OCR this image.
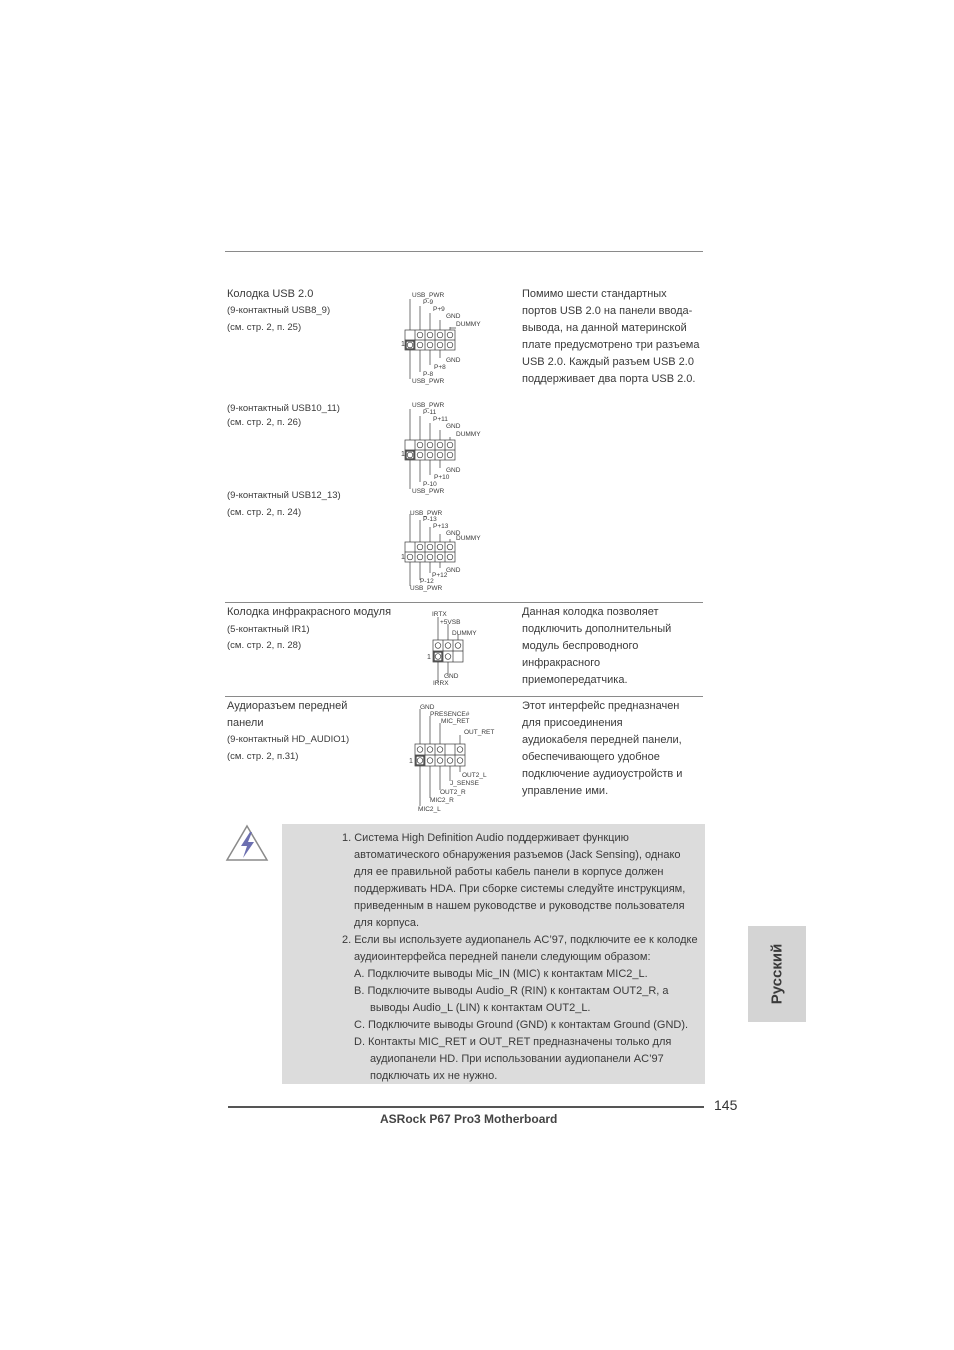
Колодка USB 2.0
(9-контактный USB8_9)
(см. стр. 2, п. 25)
(9-контактный USB10_11)
(см. стр. 2, п. 26)
(9-контактный USB12_13)
(см. стр. 2, п. 24)
Помимо шести стандартных
портов USB 2.0 на панели ввода-
вывода, на данной материнской
плате предусмотрено три разъема
USB 2.0. Каждый разъем USB 2.0
поддерживает два порта USB 2.0.
1
USB_PWR
P-9
P+9
GND
DUMMY
GND
P+8
P-8
USB_PWR
1
USB_PWR
P-11
P+11
GND
DUMMY
GND
P+10
P-10
USB_PWR
1
USB_PWR
P-13
P+13
GND
DUMMY
GND
P+12
P-12
USB_PWR
Колодка инфракрасного модуля
(5-контактный IR1)
(см. стр. 2, п. 28)
Данная колодка позволяет
подключить дополнительный
модуль беспроводного
инфракрасного
приемопередатчика.
1
IRTX
+5VSB
DUMMY
GND
IRRX
Аудиоразъем передней
панели
(9-контактный HD_AUDIO1)
(см. стр. 2, п.31)
Этот интерфейс предназначен
для присоединения
аудиокабеля передней панели,
обеспечивающего удобное
подключение аудиоустройств и
управление ими.
1
GND
PRESENCE#
MIC_RET
OUT_RET
OUT2_L
J_SENSE
OUT2_R
MIC2_R
MIC2_L
1. Система High Definition Audio поддерживает функцию
автоматического обнаружения разъемов (Jack Sensing), однако
для ее правильной работы кабель панели в корпусе должен
поддерживать HDA. При сборке системы следуйте инструкциям,
приведенным в нашем руководстве и руководстве пользователя
для корпуса.
2. Если вы используете аудиопанель AC’97, подключите ее к колодке
аудиоинтерфейса передней панели следующим образом:
A. Подключите выводы Mic_IN (MIC) к контактам MIC2_L.
B. Подключите выводы Audio_R (RIN) к контактам OUT2_R, а
выводы Audio_L (LIN) к контактам OUT2_L.
C. Подключите выводы Ground (GND) к контактам Ground (GND).
D. Контакты MIC_RET и OUT_RET предназначены только для
аудиопанели HD. При использовании аудиопанели AC’97
подключать их не нужно.
Русский
145
ASRock P67 Pro3 Motherboard
